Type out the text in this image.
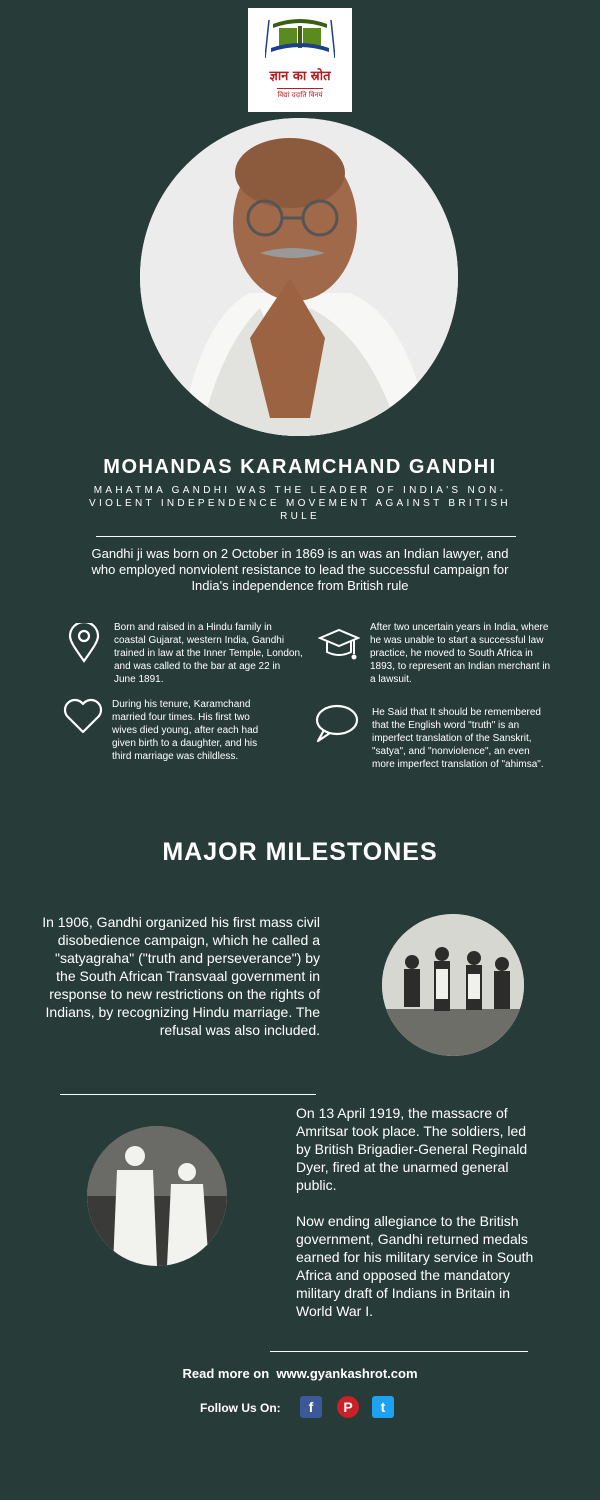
ज्ञान का स्रोत
विद्यां ददाति विनयं
MOHANDAS KARAMCHAND GANDHI
MAHATMA GANDHI WAS THE LEADER OF INDIA'S NON-VIOLENT INDEPENDENCE MOVEMENT AGAINST BRITISH RULE
Gandhi ji was born on 2 October in 1869 is an was an Indian lawyer, and who employed nonviolent resistance to lead the successful campaign for India's independence from British rule
Born and raised in a Hindu family in coastal Gujarat, western India, Gandhi trained in law at the Inner Temple, London, and was called to the bar at age 22 in June 1891.
After two uncertain years in India, where he was unable to start a successful law practice, he moved to South Africa in 1893, to represent an Indian merchant in a lawsuit.
During his tenure, Karamchand married four times. His first two wives died young, after each had given birth to a daughter, and his third marriage was childless.
He Said that It should be remembered that the English word "truth" is an imperfect translation of the Sanskrit, "satya", and "nonviolence", an even more imperfect translation of "ahimsa".
MAJOR MILESTONES
In 1906, Gandhi organized his first mass civil disobedience campaign, which he called a "satyagraha" ("truth and perseverance") by the South African Transvaal government in response to new restrictions on the rights of Indians, by recognizing Hindu marriage. The refusal was also included.

On 13 April 1919, the massacre of Amritsar took place. The soldiers, led by British Brigadier-General Reginald Dyer, fired at the unarmed general public.

Now ending allegiance to the British government, Gandhi returned medals earned for his military service in South Africa and opposed the mandatory military draft of Indians in Britain in World War I.

Read more on www.gyankashrot.com
Follow Us On:	f	P	t
